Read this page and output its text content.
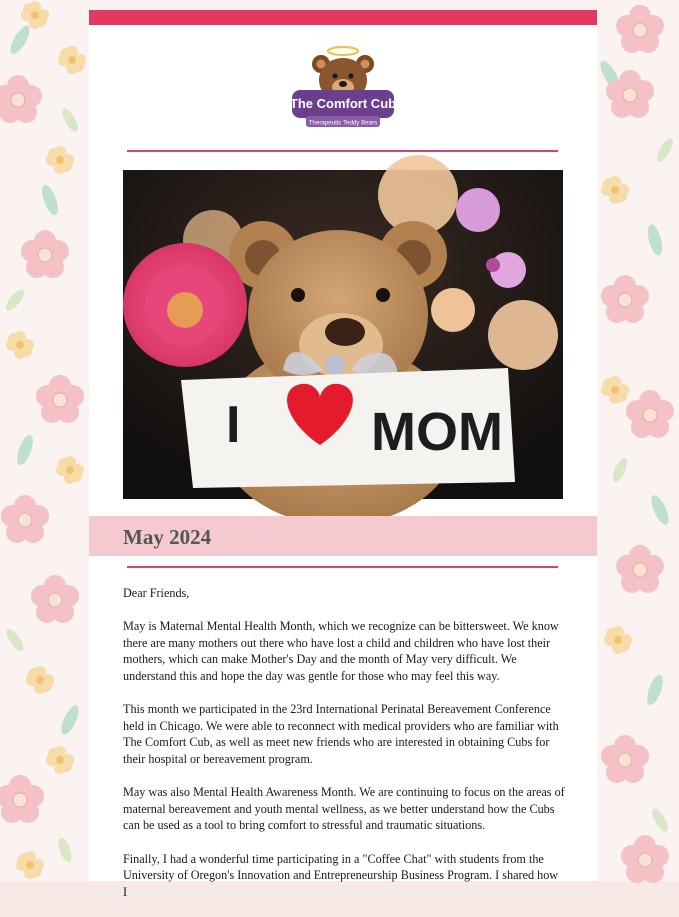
The Comfort Cub
Therapeutic Teddy Bears
I MOM
May 2024

Dear Friends,

May is Maternal Mental Health Month, which we recognize can be bittersweet. We know there are many mothers out there who have lost a child and children who have lost their mothers, which can make Mother's Day and the month of May very difficult. We understand this and hope the day was gentle for those who may feel this way.

This month we participated in the 23rd International Perinatal Bereavement Conference held in Chicago. We were able to reconnect with medical providers who are familiar with The Comfort Cub, as well as meet new friends who are interested in obtaining Cubs for their hospital or bereavement program.

May was also Mental Health Awareness Month. We are continuing to focus on the areas of maternal bereavement and youth mental wellness, as we better understand how the Cubs can be used as a tool to bring comfort to stressful and traumatic situations.

Finally, I had a wonderful time participating in a "Coffee Chat" with students from the University of Oregon's Innovation and Entrepreneurship Business Program. I shared how I
